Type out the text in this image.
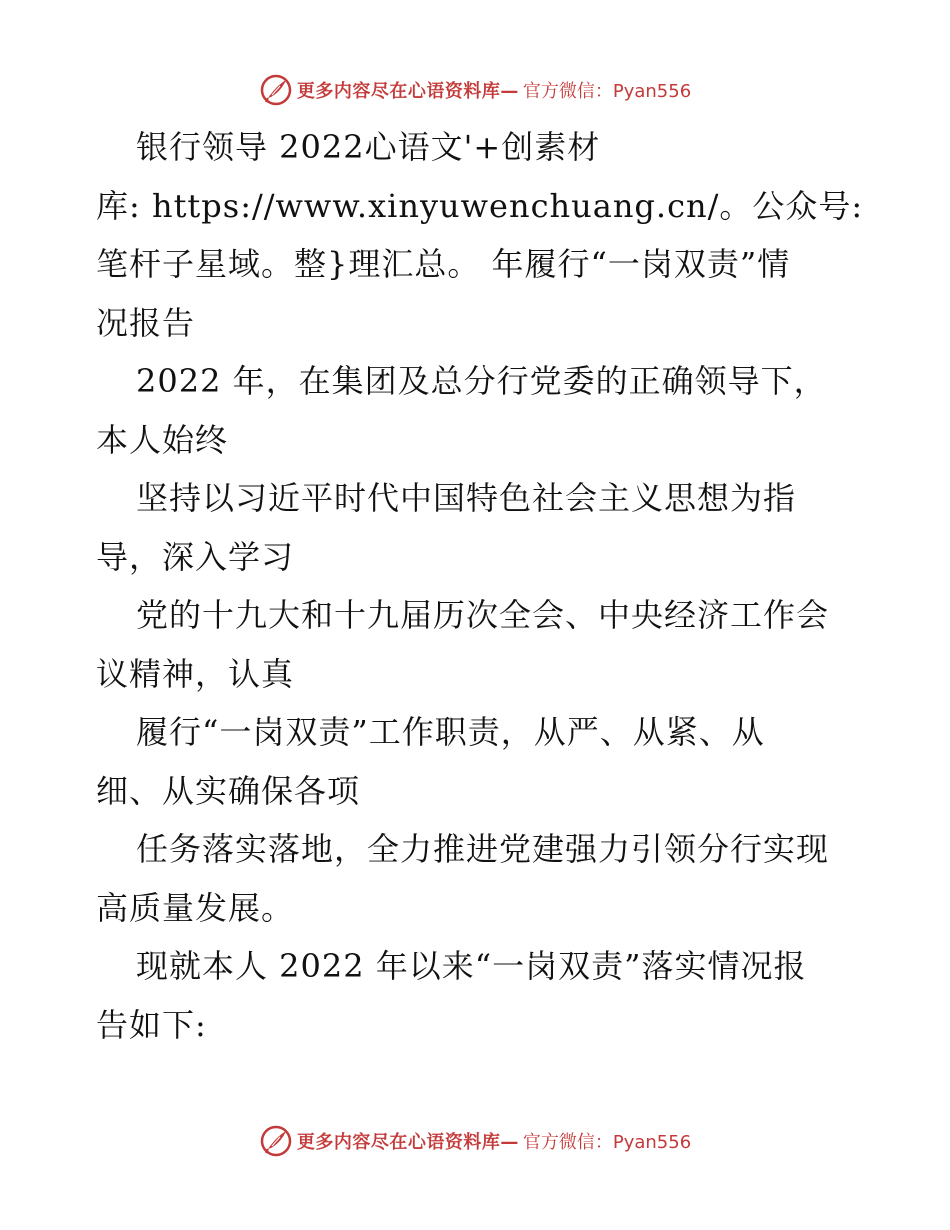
更多内容尽在心语资料库— 官方微信：Pyan556
银行领导 2022心语文'+创素材
库: https://www.xinyuwenchuang.cn/。公众号:
笔杆子星域。整}理汇总。 年履行“一岗双责”情
况报告
2022 年，在集团及总分行党委的正确领导下，
本人始终
坚持以习近平时代中国特色社会主义思想为指
导，深入学习
党的十九大和十九届历次全会、中央经济工作会
议精神，认真
履行“一岗双责”工作职责，从严、从紧、从
细、从实确保各项
任务落实落地，全力推进党建强力引领分行实现
高质量发展。
现就本人 2022 年以来“一岗双责”落实情况报
告如下:
更多内容尽在心语资料库— 官方微信：Pyan556
